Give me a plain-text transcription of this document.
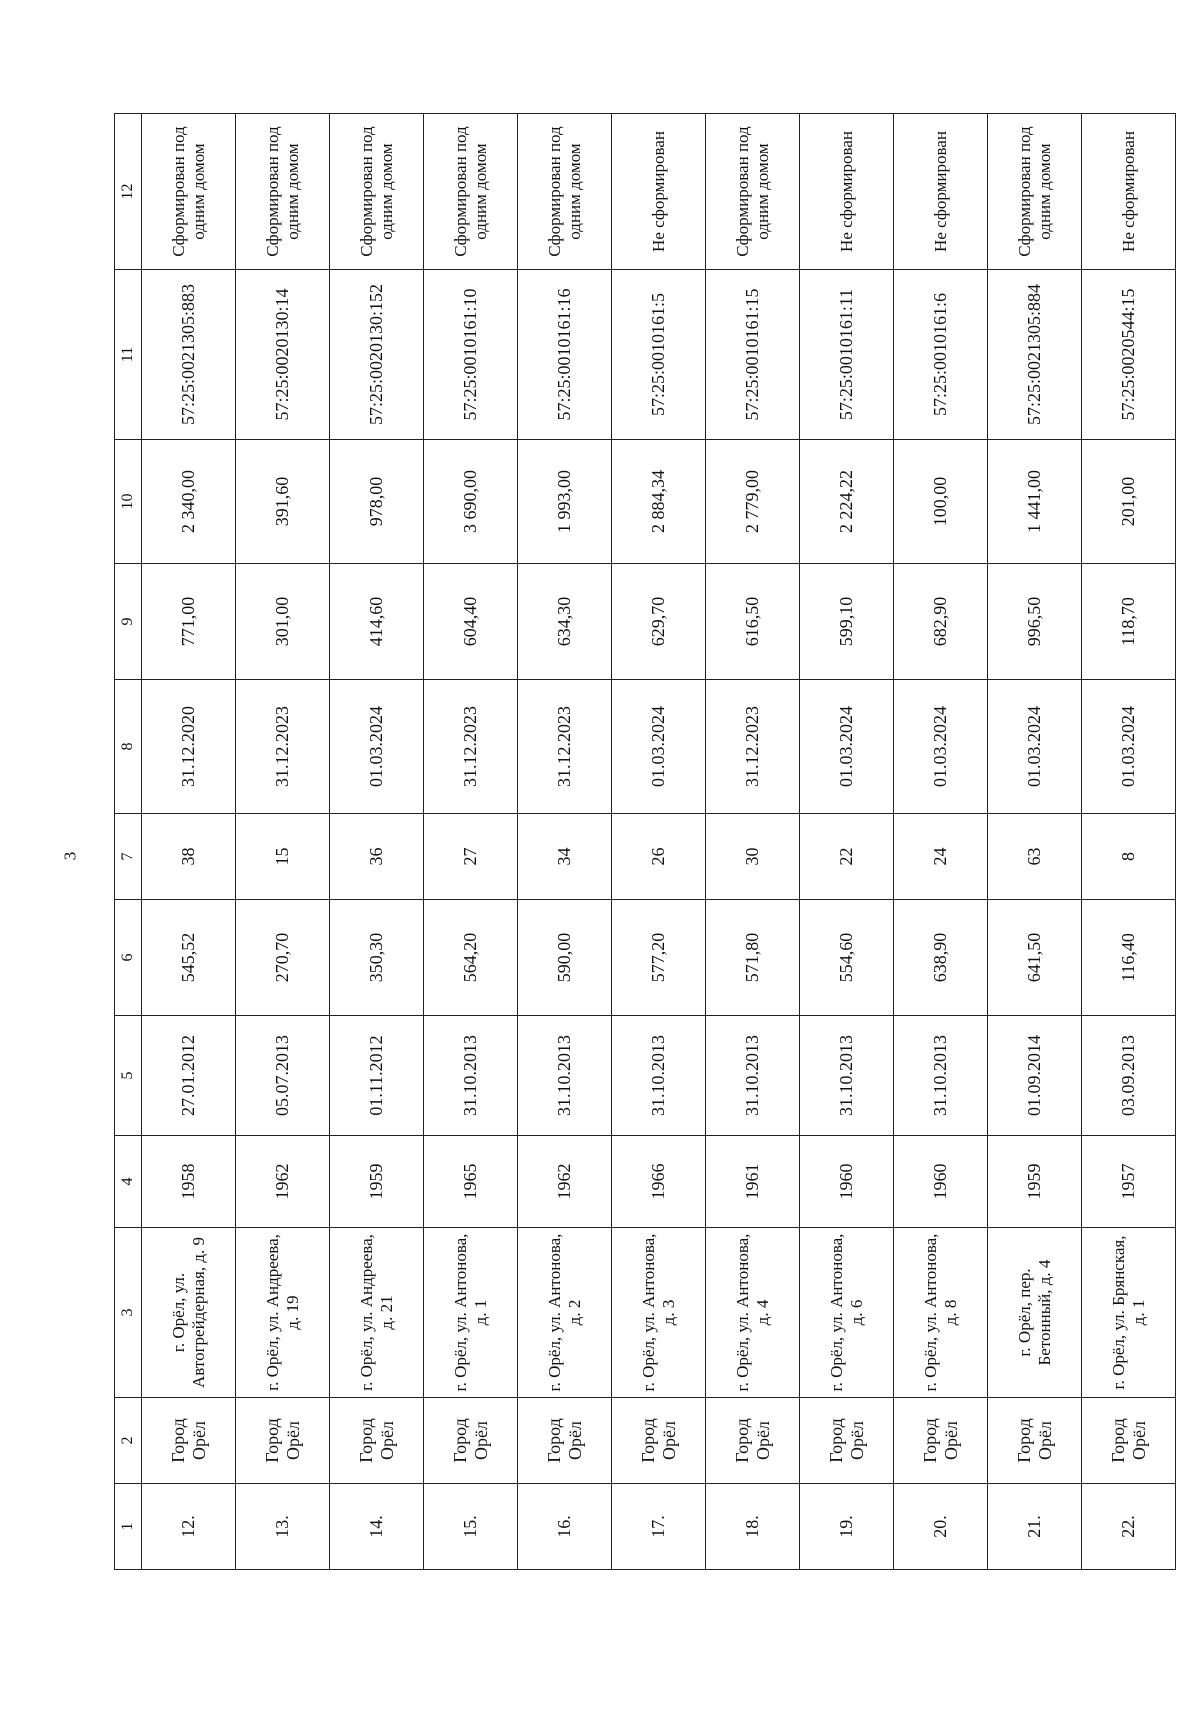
3
1	2	3	4	5	6	7	8	9	10	11	12
12.	Город Орёл	г. Орёл, ул. Автогрейдерная, д. 9	1958	27.01.2012	545,52	38	31.12.2020	771,00	2 340,00	57:25:0021305:883	Сформирован под одним домом
13.	Город Орёл	г. Орёл, ул. Андреева, д. 19	1962	05.07.2013	270,70	15	31.12.2023	301,00	391,60	57:25:0020130:14	Сформирован под одним домом
14.	Город Орёл	г. Орёл, ул. Андреева, д. 21	1959	01.11.2012	350,30	36	01.03.2024	414,60	978,00	57:25:0020130:152	Сформирован под одним домом
15.	Город Орёл	г. Орёл, ул. Антонова, д. 1	1965	31.10.2013	564,20	27	31.12.2023	604,40	3 690,00	57:25:0010161:10	Сформирован под одним домом
16.	Город Орёл	г. Орёл, ул. Антонова, д. 2	1962	31.10.2013	590,00	34	31.12.2023	634,30	1 993,00	57:25:0010161:16	Сформирован под одним домом
17.	Город Орёл	г. Орёл, ул. Антонова, д. 3	1966	31.10.2013	577,20	26	01.03.2024	629,70	2 884,34	57:25:0010161:5	Не сформирован
18.	Город Орёл	г. Орёл, ул. Антонова, д. 4	1961	31.10.2013	571,80	30	31.12.2023	616,50	2 779,00	57:25:0010161:15	Сформирован под одним домом
19.	Город Орёл	г. Орёл, ул. Антонова, д. 6	1960	31.10.2013	554,60	22	01.03.2024	599,10	2 224,22	57:25:0010161:11	Не сформирован
20.	Город Орёл	г. Орёл, ул. Антонова, д. 8	1960	31.10.2013	638,90	24	01.03.2024	682,90	100,00	57:25:0010161:6	Не сформирован
21.	Город Орёл	г. Орёл, пер. Бетонный, д. 4	1959	01.09.2014	641,50	63	01.03.2024	996,50	1 441,00	57:25:0021305:884	Сформирован под одним домом
22.	Город Орёл	г. Орёл, ул. Брянская, д. 1	1957	03.09.2013	116,40	8	01.03.2024	118,70	201,00	57:25:0020544:15	Не сформирован
